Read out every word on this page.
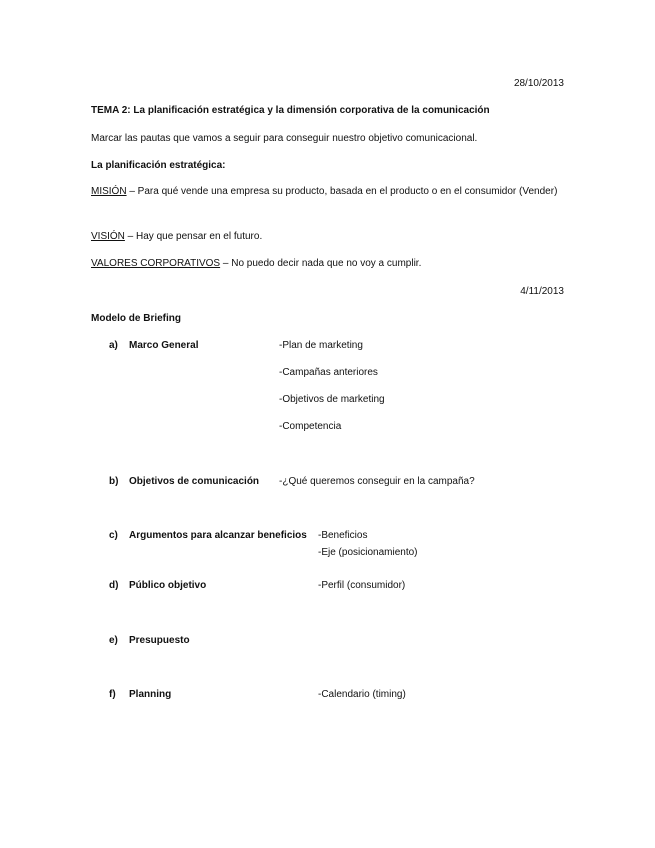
28/10/2013
TEMA 2: La planificación estratégica y la dimensión corporativa de la comunicación
Marcar las pautas que vamos a seguir para conseguir nuestro objetivo comunicacional.
La planificación estratégica:
MISIÓN – Para qué vende una empresa su producto, basada en el producto o en el consumidor (Vender)
VISIÓN – Hay que pensar en el futuro.
VALORES CORPORATIVOS – No puedo decir nada que no voy a cumplir.
4/11/2013
Modelo de Briefing
a) Marco General	-Plan de marketing
-Campañas anteriores
-Objetivos de marketing
-Competencia
b) Objetivos de comunicación -¿Qué queremos conseguir en la campaña?
c) Argumentos para alcanzar beneficios -Beneficios
-Eje (posicionamiento)
d) Público objetivo	-Perfil (consumidor)
e) Presupuesto
f) Planning	-Calendario (timing)
